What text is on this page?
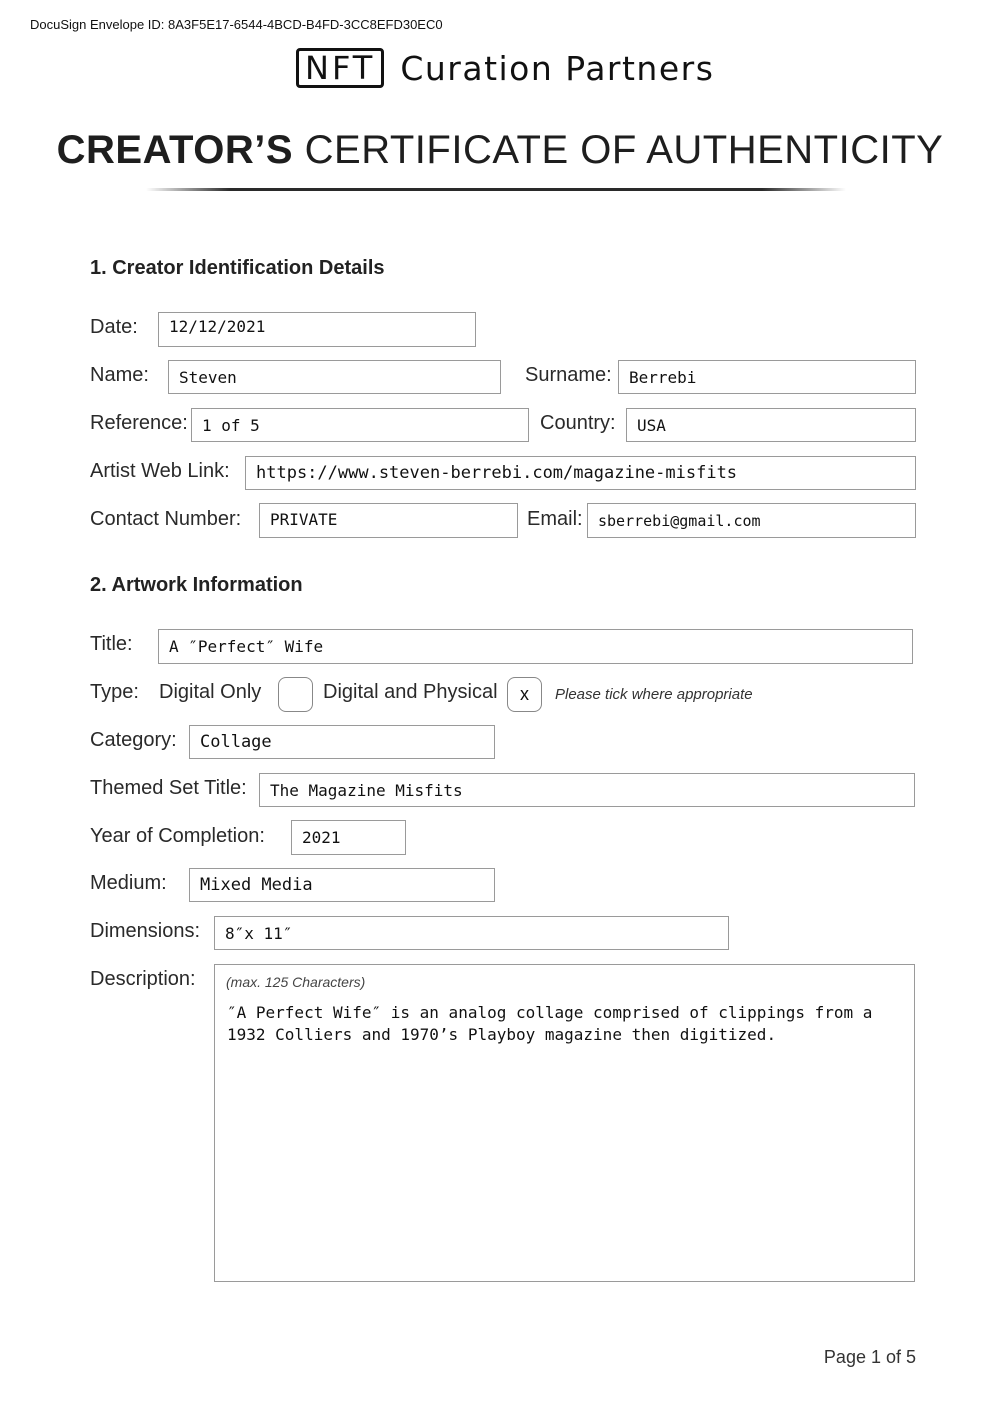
DocuSign Envelope ID: 8A3F5E17-6544-4BCD-B4FD-3CC8EFD30EC0
NFT Curation Partners
CREATOR’S CERTIFICATE OF AUTHENTICITY
1. Creator Identification Details
Date:	12/12/2021
Name:	Steven	Surname:	Berrebi
Reference: 1 of 5	Country:	USA
Artist Web Link:	https://www.steven-berrebi.com/magazine-misfits
Contact Number:	PRIVATE	Email:	sberrebi@gmail.com
2. Artwork Information
Title:	A ″Perfect″ Wife
Type: Digital Only	Digital and Physical	x	Please tick where appropriate
Category:	Collage
Themed Set Title:	The Magazine Misfits
Year of Completion:	2021
Medium:	Mixed Media
Dimensions:	8″x 11″
Description: (max. 125 Characters)
″A Perfect Wife″ is an analog collage comprised of clippings from a
1932 Colliers and 1970’s Playboy magazine then digitized.
Page 1 of 5
